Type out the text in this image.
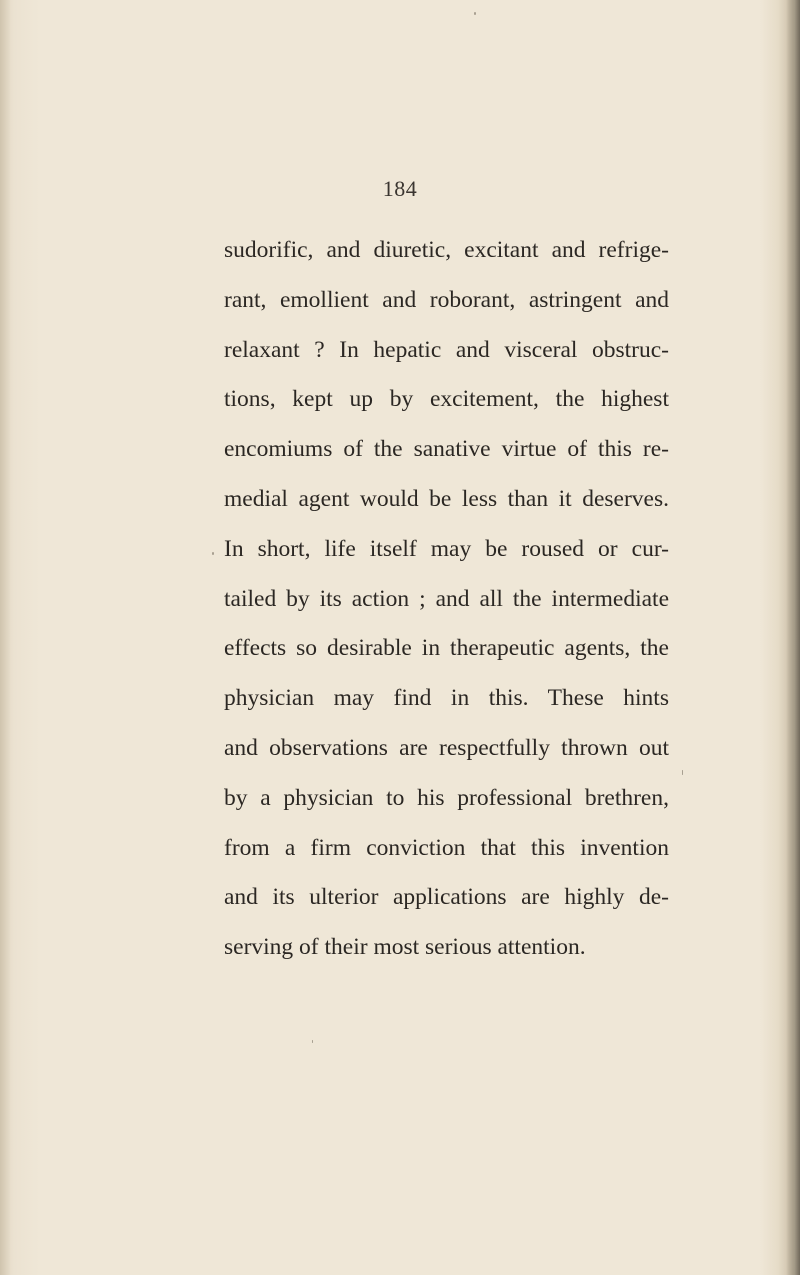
184
sudorific, and diuretic, excitant and refrige-
rant, emollient and roborant, astringent and
relaxant ? In hepatic and visceral obstruc-
tions, kept up by excitement, the highest
encomiums of the sanative virtue of this re-
medial agent would be less than it deserves.
In short, life itself may be roused or cur-
tailed by its action ; and all the intermediate
effects so desirable in therapeutic agents, the
physician may find in this. These hints
and observations are respectfully thrown out
by a physician to his professional brethren,
from a firm conviction that this invention
and its ulterior applications are highly de-
serving of their most serious attention.
